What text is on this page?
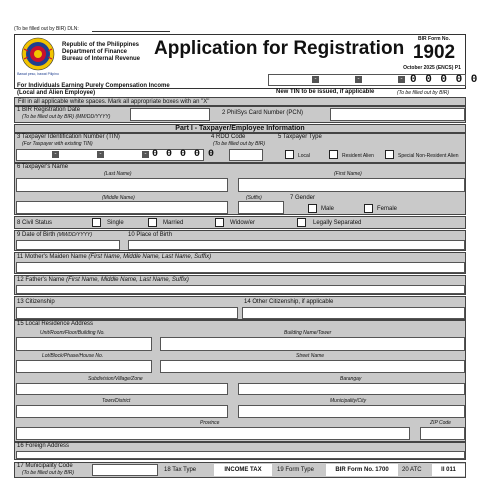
(To be filled out by BIR) DLN:
Bawat peso, bawat Pilipino
Republic of the Philippines
Department of Finance
Bureau of Internal Revenue Application for Registration	BIR Form No.
1902
October 2025 (ENCS) P1
For Individuals Earning Purely Compensation Income
(Local and Alien Employee)
-	-	- 0 0 0 0 0
New TIN to be issued, if applicable	(To be filled out by BIR)
Fill in all applicable white spaces. Mark all appropriate boxes with an "X"
1 BIR Registration Date
(To be filled out by BIR) (MM/DD/YYYY)
2 PhilSys Card Number (PCN)
Part I - Taxpayer/Employee Information
3 Taxpayer Identification Number (TIN)
(For Taxpayer with existing TIN)
-	-	- 0 0 0 0 0
4 RDO Code
(To be filled out by BIR)
5 Taxpayer Type
Local	Resident Alien	Special Non-Resident Alien
6 Taxpayer's Name
(Last Name)	(First Name)
(Middle Name)	(Suffix)	7 Gender
Male	Female
8 Civil Status	Single	Married	Widow/er	Legally Separated
9 Date of Birth (MM/DD/YYYY)	10 Place of Birth
11 Mother's Maiden Name (First Name, Middle Name, Last Name, Suffix)
12 Father's Name (First Name, Middle Name, Last Name, Suffix)
13 Citizenship	14 Other Citizenship, if applicable
15 Local Residence Address
Unit/Room/Floor/Building No.	Building Name/Tower
Lot/Block/Phase/House No.	Street Name
Subdivision/Village/Zone	Barangay
Town/District	Municipality/City
Province	ZIP Code
16 Foreign Address
17 Municipality Code
(To be filled out by BIR)	18 Tax Type	INCOME TAX	19 Form Type	BIR Form No. 1700	20 ATC	II 011
